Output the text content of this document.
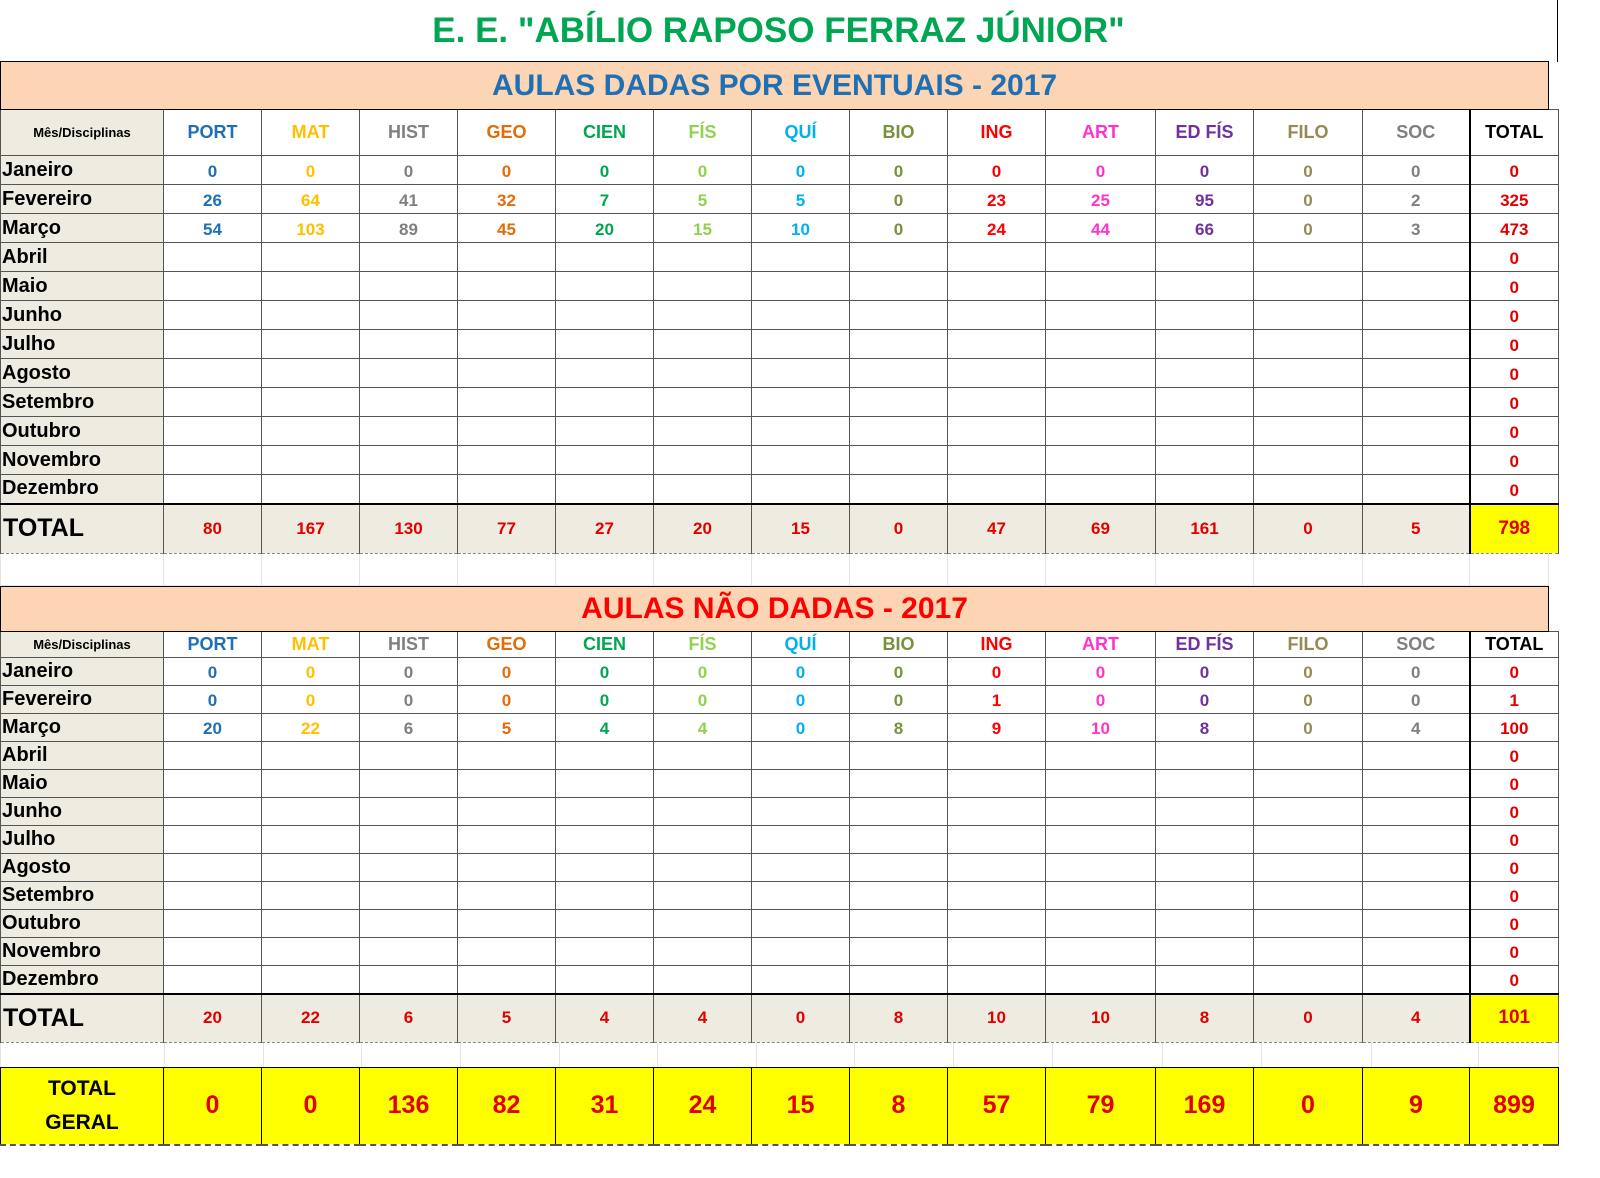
E. E. "ABÍLIO RAPOSO FERRAZ JÚNIOR"
AULAS DADAS POR EVENTUAIS - 2017														
Mês/Disciplinas	PORT	MAT	HIST	GEO	CIEN	FÍS	QUÍ	BIO	ING	ART	ED FÍS	FILO	SOC	TOTAL
Janeiro	0	0	0	0	0	0	0	0	0	0	0	0	0	0
Fevereiro	26	64	41	32	7	5	5	0	23	25	95	0	2	325
Março	54	103	89	45	20	15	10	0	24	44	66	0	3	473
Abril														0
Maio														0
Junho														0
Julho														0
Agosto														0
Setembro														0
Outubro														0
Novembro														0
Dezembro														0
TOTAL	80	167	130	77	27	20	15	0	47	69	161	0	5	798

AULAS NÃO DADAS - 2017														
Mês/Disciplinas	PORT	MAT	HIST	GEO	CIEN	FÍS	QUÍ	BIO	ING	ART	ED FÍS	FILO	SOC	TOTAL
Janeiro	0	0	0	0	0	0	0	0	0	0	0	0	0	0
Fevereiro	0	0	0	0	0	0	0	0	1	0	0	0	0	1
Março	20	22	6	5	4	4	0	8	9	10	8	0	4	100
Abril														0
Maio														0
Junho														0
Julho														0
Agosto														0
Setembro														0
Outubro														0
Novembro														0
Dezembro														0
TOTAL	20	22	6	5	4	4	0	8	10	10	8	0	4	101

TOTAL
GERAL
	0	0	136	82	31	24	15	8	57	79	169	0	9	899
